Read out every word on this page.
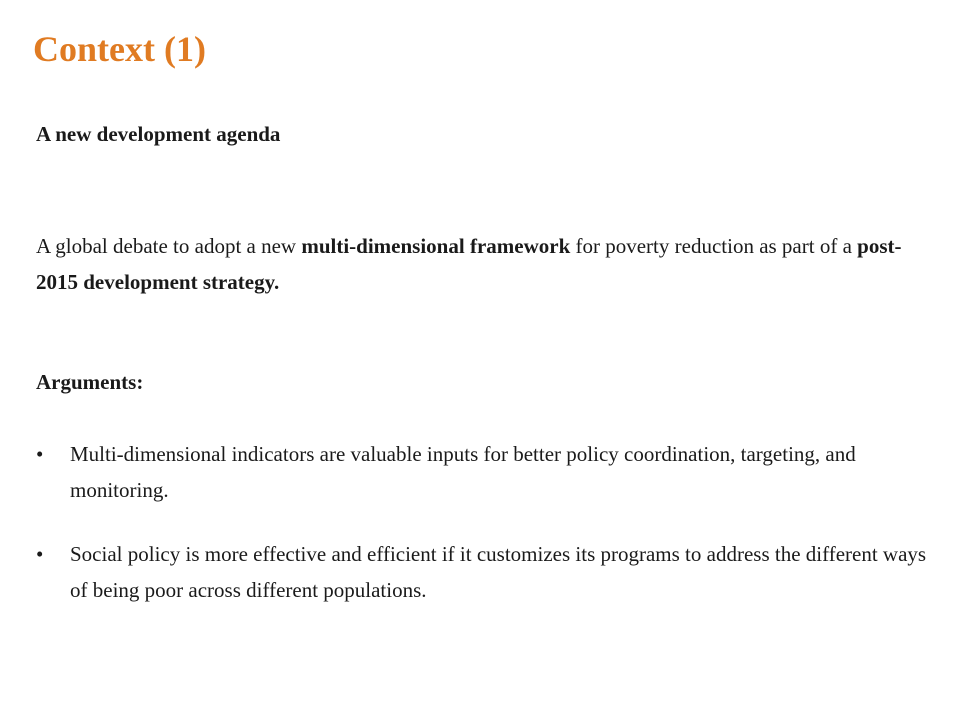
Context (1)
A new development agenda

A global debate to adopt a new multi-dimensional framework for poverty reduction as part of a post-2015 development strategy.

Arguments:
• Multi-dimensional indicators are valuable inputs for better policy coordination, targeting, and monitoring.
• Social policy is more effective and efficient if it customizes its programs to address the different ways of being poor across different populations.
